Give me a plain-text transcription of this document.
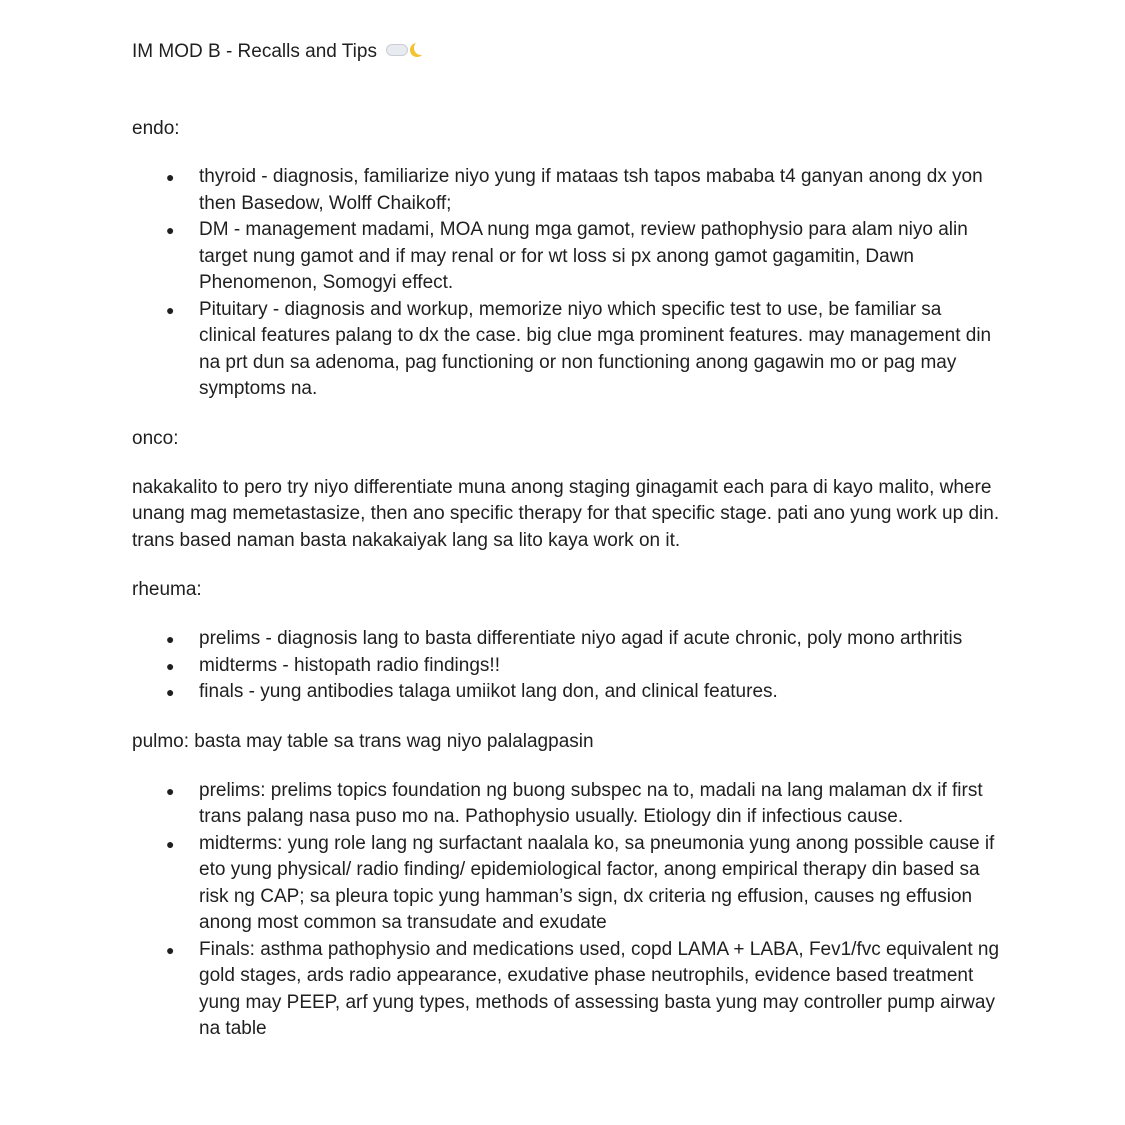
IM MOD B - Recalls and Tips

endo:

● thyroid - diagnosis, familiarize niyo yung if mataas tsh tapos mababa t4 ganyan anong dx yon then Basedow, Wolff Chaikoff;
● DM - management madami, MOA nung mga gamot, review pathophysio para alam niyo alin target nung gamot and if may renal or for wt loss si px anong gamot gagamitin, Dawn Phenomenon, Somogyi effect.
● Pituitary - diagnosis and workup, memorize niyo which specific test to use, be familiar sa clinical features palang to dx the case. big clue mga prominent features. may management din na prt dun sa adenoma, pag functioning or non functioning anong gagawin mo or pag may symptoms na.

onco:

nakakalito to pero try niyo differentiate muna anong staging ginagamit each para di kayo malito, where unang mag memetastasize, then ano specific therapy for that specific stage. pati ano yung work up din. trans based naman basta nakakaiyak lang sa lito kaya work on it.

rheuma:

● prelims - diagnosis lang to basta differentiate niyo agad if acute chronic, poly mono arthritis
● midterms - histopath radio findings!!
● finals - yung antibodies talaga umiikot lang don, and clinical features.

pulmo: basta may table sa trans wag niyo palalagpasin

● prelims: prelims topics foundation ng buong subspec na to, madali na lang malaman dx if first trans palang nasa puso mo na. Pathophysio usually. Etiology din if infectious cause.
● midterms: yung role lang ng surfactant naalala ko, sa pneumonia yung anong possible cause if eto yung physical/ radio finding/ epidemiological factor, anong empirical therapy din based sa risk ng CAP; sa pleura topic yung hamman’s sign, dx criteria ng effusion, causes ng effusion anong most common sa transudate and exudate
● Finals: asthma pathophysio and medications used, copd LAMA + LABA, Fev1/fvc equivalent ng gold stages, ards radio appearance, exudative phase neutrophils, evidence based treatment yung may PEEP, arf yung types, methods of assessing basta yung may controller pump airway na table
